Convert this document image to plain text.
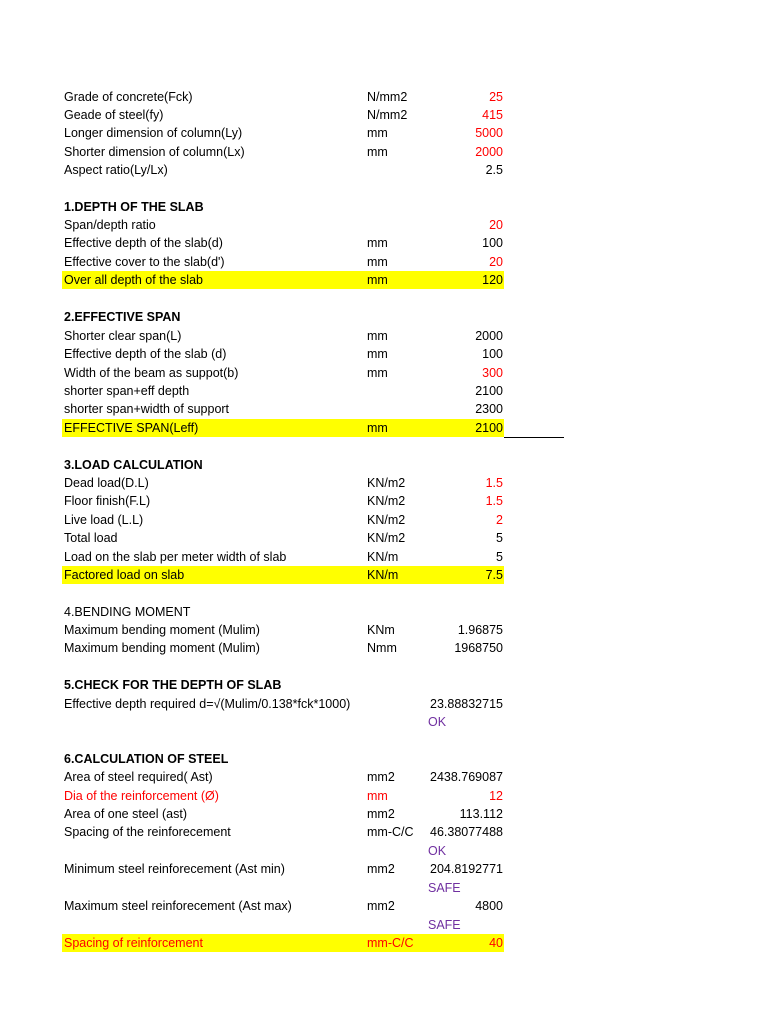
Grade of concrete(Fck)	N/mm2	25
Geade of steel(fy)	N/mm2	415
Longer dimension of column(Ly)	mm	5000
Shorter dimension of column(Lx)	mm	2000
Aspect ratio(Ly/Lx)	2.5
1.DEPTH OF THE SLAB
Span/depth ratio	20
Effective depth of the slab(d)	mm	100
Effective cover to the slab(d')	mm	20
Over all depth of the slab	mm	120
2.EFFECTIVE SPAN
Shorter clear span(L)	mm	2000
Effective depth of the slab (d)	mm	100
Width of the beam as suppot(b)	mm	300
shorter span+eff depth	2100
shorter span+width of support	2300
EFFECTIVE SPAN(Leff)	mm	2100
3.LOAD CALCULATION
Dead load(D.L)	KN/m2	1.5
Floor finish(F.L)	KN/m2	1.5
Live load (L.L)	KN/m2	2
Total load	KN/m2	5
Load on the slab per meter width of slab	KN/m	5
Factored load on slab	KN/m	7.5
4.BENDING MOMENT
Maximum bending moment (Mulim)	KNm	1.96875
Maximum bending moment (Mulim)	Nmm	1968750
5.CHECK FOR THE DEPTH OF SLAB
Effective depth required d=√(Mulim/0.138*fck*1000)	23.88832715
OK
6.CALCULATION OF STEEL
Area of steel required( Ast)	mm2	2438.769087
Dia of the reinforcement (Ø)	mm	12
Area of one steel (ast)	mm2	113.112
Spacing of the reinforecement	mm-C/C 46.38077488
OK
Minimum steel reinforecement (Ast min)	mm2	204.8192771
SAFE
Maximum steel reinforecement (Ast max)	mm2	4800
SAFE
Spacing of reinforcement	mm-C/C	40
